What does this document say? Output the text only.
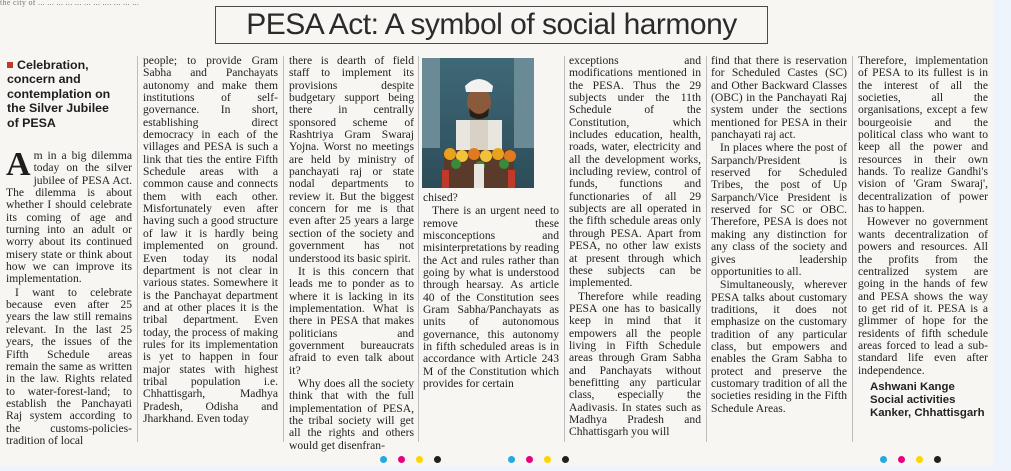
the city of ... ... ... ... ... ... ... .... ... ... ...
PESA Act: A symbol of social harmony
Celebration, concern and contemplation on the Silver Jubilee of PESA

Am in a big dilemma today on the silver jubilee of PESA Act. The dilemma is about whether I should celebrate its coming of age and turning into an adult or worry about its continued misery state or think about how we can improve its implementation.

I want to celebrate because even after 25 years the law still remains relevant. In the last 25 years, the issues of the Fifth Schedule areas remain the same as written in the law. Rights related to water-forest-land; to establish the Panchayati Raj system according to the customs-policies-tradition of local

people; to provide Gram Sabha and Panchayats autonomy and make them institutions of self-governance. In short, establishing direct democracy in each of the villages and PESA is such a link that ties the entire Fifth Schedule areas with a common cause and connects them with each other. Misfortunately even after having such a good structure of law it is hardly being implemented on ground. Even today its nodal department is not clear in various states. Somewhere it is the Panchayat department and at other places it is the tribal department. Even today, the process of making rules for its implementation is yet to happen in four major states with highest tribal population i.e. Chhattisgarh, Madhya Pradesh, Odisha and Jharkhand. Even today

there is dearth of field staff to implement its provisions despite budgetary support being there in centrally sponsored scheme of Rashtriya Gram Swaraj Yojna. Worst no meetings are held by ministry of panchayati raj or state nodal departments to review it. But the biggest concern for me is that even after 25 years a large section of the society and government has not understood its basic spirit.

It is this concern that leads me to ponder as to where it is lacking in its implementation. What is there in PESA that makes politicians and government bureaucrats afraid to even talk about it?

Why does all the society think that with the full implementation of PESA, the tribal society will get all the rights and others would get disenfran-

chised?

There is an urgent need to remove these misconceptions and misinterpretations by reading the Act and rules rather than going by what is understood through hearsay. As article 40 of the Constitution sees Gram Sabha/Panchayats as units of autonomous governance, this autonomy in fifth scheduled areas is in accordance with Article 243 M of the Constitution which provides for certain

exceptions and modifications mentioned in the PESA. Thus the 29 subjects under the 11th Schedule of the Constitution, which includes education, health, roads, water, electricity and all the development works, including review, control of funds, functions and functionaries of all 29 subjects are all operated in the fifth schedule areas only through PESA. Apart from PESA, no other law exists at present through which these subjects can be implemented.

Therefore while reading PESA one has to basically keep in mind that it empowers all the people living in Fifth Schedule areas through Gram Sabha and Panchayats without benefitting any particular class, especially the Aadivasis. In states such as Madhya Pradesh and Chhattisgarh you will

find that there is reservation for Scheduled Castes (SC) and Other Backward Classes (OBC) in the Panchayati Raj system under the sections mentioned for PESA in their panchayati raj act.

In places where the post of Sarpanch/President is reserved for Scheduled Tribes, the post of Up Sarpanch/Vice President is reserved for SC or OBC. Therefore, PESA is does not making any distinction for any class of the society and gives leadership opportunities to all.

Simultaneously, wherever PESA talks about customary traditions, it does not emphasize on the customary tradition of any particular class, but empowers and enables the Gram Sabha to protect and preserve the customary tradition of all the societies residing in the Fifth Schedule Areas.

Therefore, implementation of PESA to its fullest is in the interest of all the societies, all the organisations, except a few bourgeoisie and the political class who want to keep all the power and resources in their own hands. To realize Gandhi's vision of 'Gram Swaraj', decentralization of power has to happen.

However no government wants decentralization of powers and resources. All the profits from the centralized system are going in the hands of few and PESA shows the way to get rid of it. PESA is a glimmer of hope for the residents of fifth schedule areas forced to lead a sub-standard life even after independence.

Ashwani Kange
Social activities
Kanker, Chhattisgarh
